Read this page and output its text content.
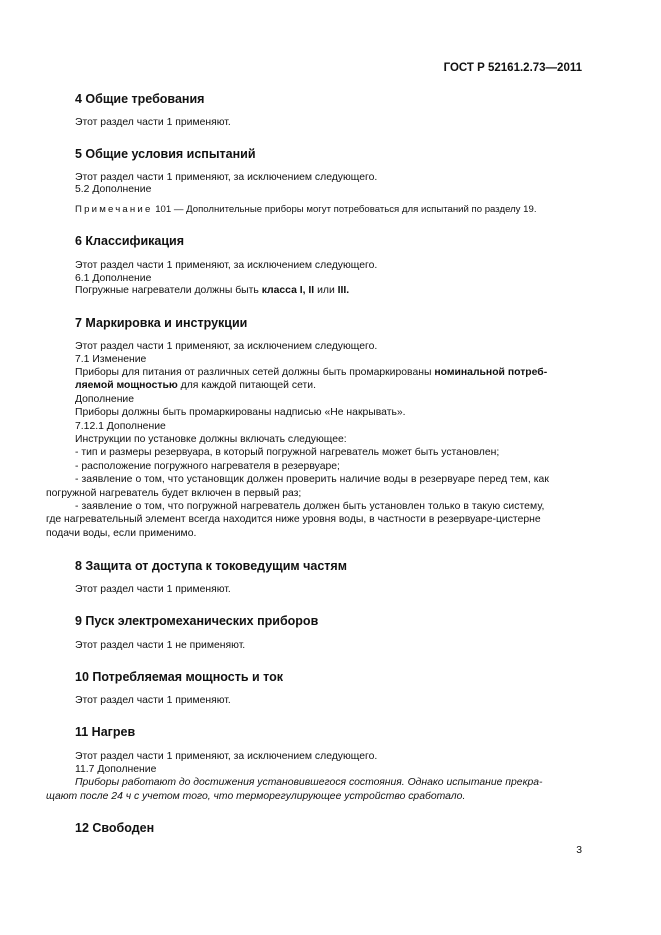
ГОСТ Р 52161.2.73—2011
4 Общие требования
Этот раздел части 1 применяют.
5 Общие условия испытаний
Этот раздел части 1 применяют, за исключением следующего.
5.2 Дополнение
Примечание 101 — Дополнительные приборы могут потребоваться для испытаний по разделу 19.
6 Классификация
Этот раздел части 1 применяют, за исключением следующего.
6.1 Дополнение
Погружные нагреватели должны быть класса I, II или III.
7 Маркировка и инструкции
Этот раздел части 1 применяют, за исключением следующего.
7.1 Изменение
Приборы для питания от различных сетей должны быть промаркированы номинальной потреб-
ляемой мощностью для каждой питающей сети.
Дополнение
Приборы должны быть промаркированы надписью «Не накрывать».
7.12.1 Дополнение
Инструкции по установке должны включать следующее:
- тип и размеры резервуара, в который погружной нагреватель может быть установлен;
- расположение погружного нагревателя в резервуаре;
- заявление о том, что установщик должен проверить наличие воды в резервуаре перед тем, как
погружной нагреватель будет включен в первый раз;
- заявление о том, что погружной нагреватель должен быть установлен только в такую систему,
где нагревательный элемент всегда находится ниже уровня воды, в частности в резервуаре-цистерне
подачи воды, если применимо.
8 Защита от доступа к токоведущим частям
Этот раздел части 1 применяют.
9 Пуск электромеханических приборов
Этот раздел части 1 не применяют.
10 Потребляемая мощность и ток
Этот раздел части 1 применяют.
11 Нагрев
Этот раздел части 1 применяют, за исключением следующего.
11.7 Дополнение
Приборы работают до достижения установившегося состояния. Однако испытание прекра-
щают после 24 ч с учетом того, что терморегулирующее устройство сработало.
12 Свободен
3
